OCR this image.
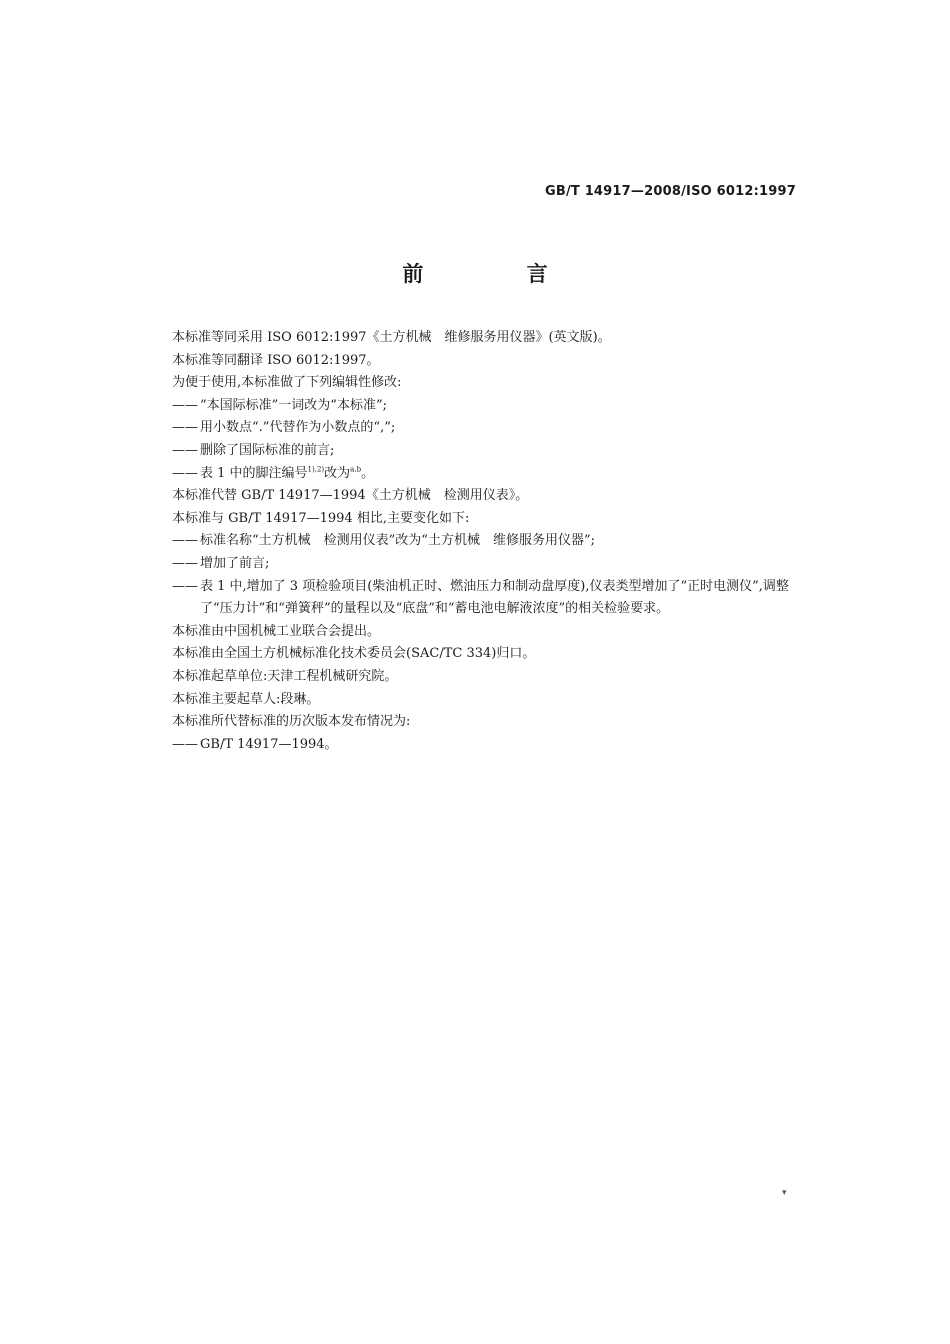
GB/T 14917—2008/ISO 6012:1997
前 言
本标准等同采用 ISO 6012:1997《土方机械　维修服务用仪器》(英文版)。
本标准等同翻译 ISO 6012:1997。
为便于使用,本标准做了下列编辑性修改:
—— “本国际标准”一词改为“本标准”;
—— 用小数点“.”代替作为小数点的“,”;
—— 删除了国际标准的前言;
—— 表 1 中的脚注编号$^{1),2)}$改为$^{a,b}$。
本标准代替 GB/T 14917—1994《土方机械　检测用仪表》。
本标准与 GB/T 14917—1994 相比,主要变化如下:
—— 标准名称“土方机械　检测用仪表”改为“土方机械　维修服务用仪器”;
—— 增加了前言;
—— 表 1 中,增加了 3 项检验项目(柴油机正时、燃油压力和制动盘厚度),仪表类型增加了“正时电测仪”,调整了“压力计”和“弹簧秤”的量程以及“底盘”和“蓄电池电解液浓度”的相关检验要求。
本标准由中国机械工业联合会提出。
本标准由全国土方机械标准化技术委员会(SAC/TC 334)归口。
本标准起草单位:天津工程机械研究院。
本标准主要起草人:段琳。
本标准所代替标准的历次版本发布情况为:
—— GB/T 14917—1994。
▾
